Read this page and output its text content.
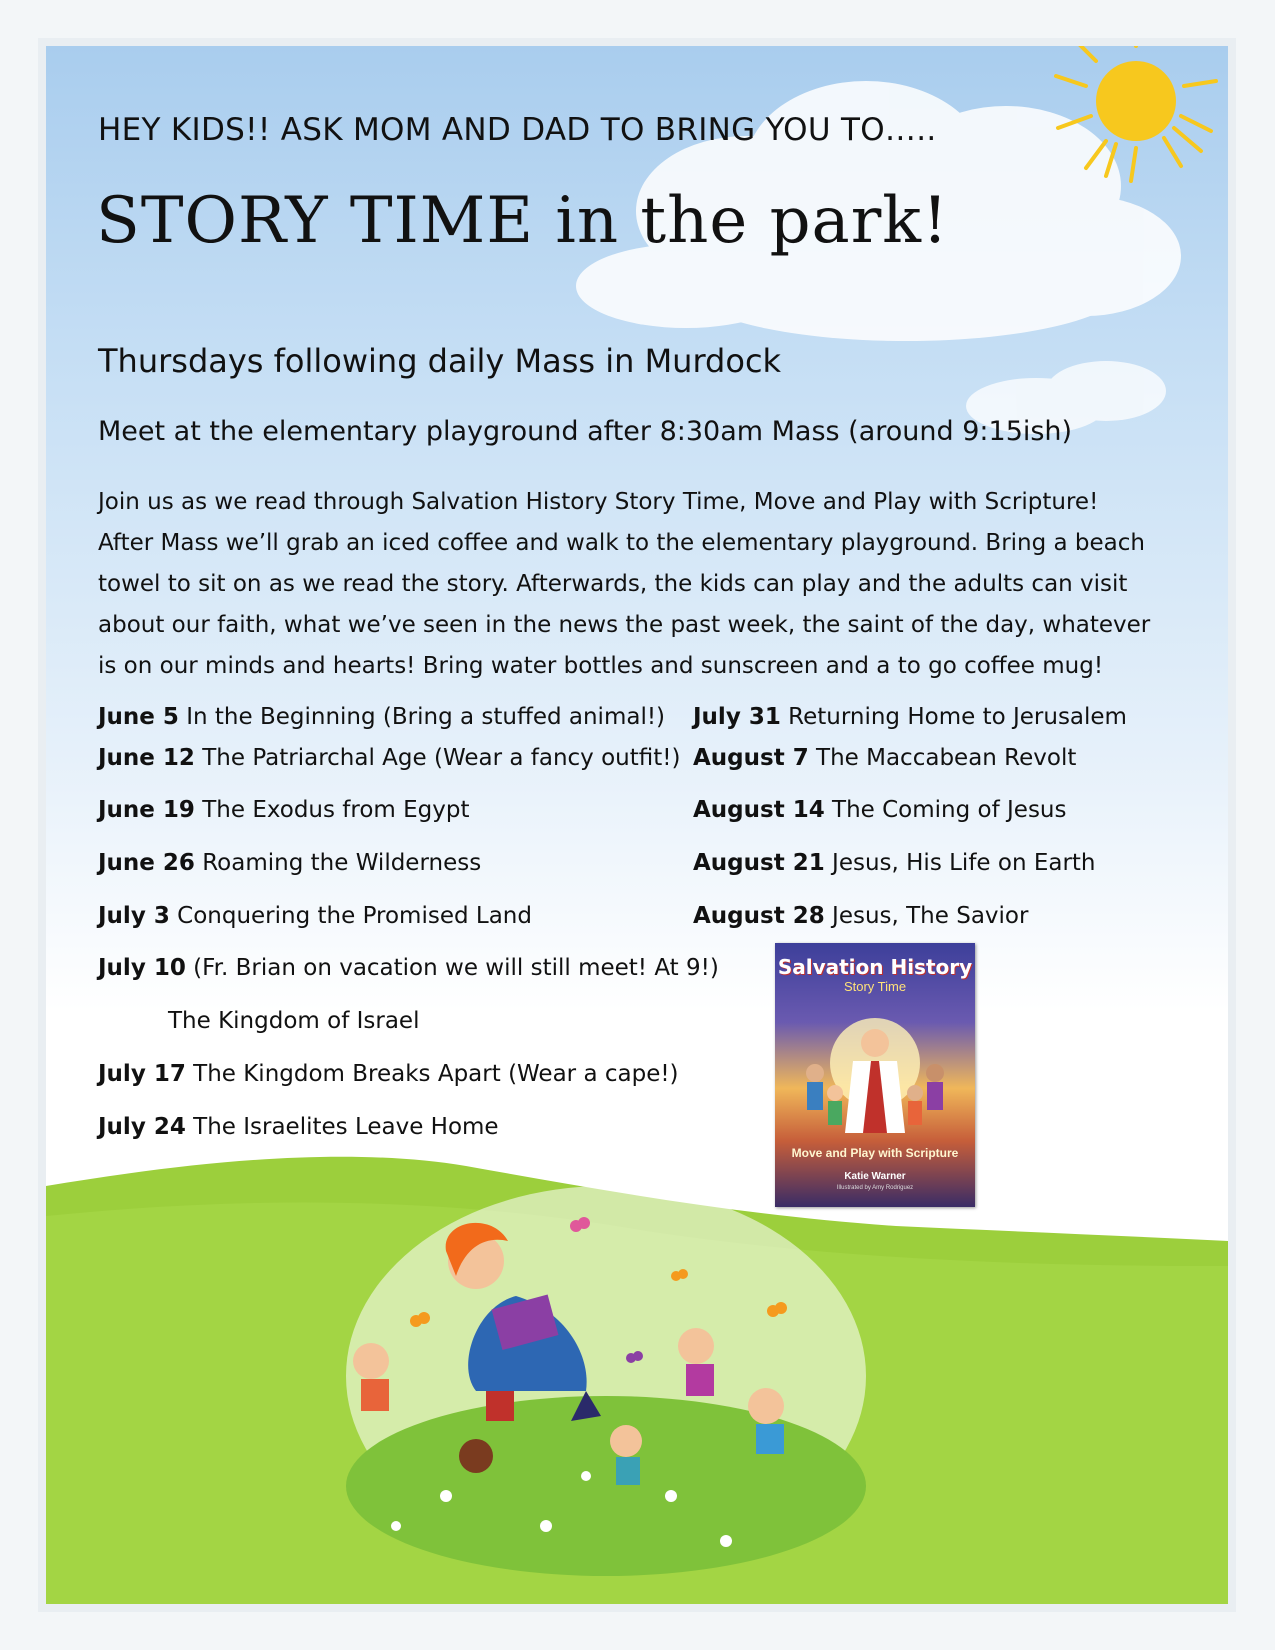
HEY KIDS!! ASK MOM AND DAD TO BRING YOU TO…..
STORY TIME in the park!
Thursdays following daily Mass in Murdock
Meet at the elementary playground after 8:30am Mass (around 9:15ish)
Join us as we read through Salvation History Story Time, Move and Play with Scripture! After Mass we’ll grab an iced coffee and walk to the elementary playground. Bring a beach towel to sit on as we read the story. Afterwards, the kids can play and the adults can visit about our faith, what we’ve seen in the news the past week, the saint of the day, whatever is on our minds and hearts! Bring water bottles and sunscreen and a to go coffee mug!
June 5 In the Beginning (Bring a stuffed animal!)
June 12 The Patriarchal Age (Wear a fancy outfit!)
June 19 The Exodus from Egypt
June 26 Roaming the Wilderness
July 3 Conquering the Promised Land
July 10 (Fr. Brian on vacation we will still meet! At 9!)
The Kingdom of Israel
July 17 The Kingdom Breaks Apart (Wear a cape!)
July 24 The Israelites Leave Home
July 31 Returning Home to Jerusalem
August 7 The Maccabean Revolt
August 14 The Coming of Jesus
August 21 Jesus, His Life on Earth
August 28 Jesus, The Savior
Salvation History
Story Time
Move and Play with Scripture
Katie Warner
Illustrated by Amy Rodriguez
